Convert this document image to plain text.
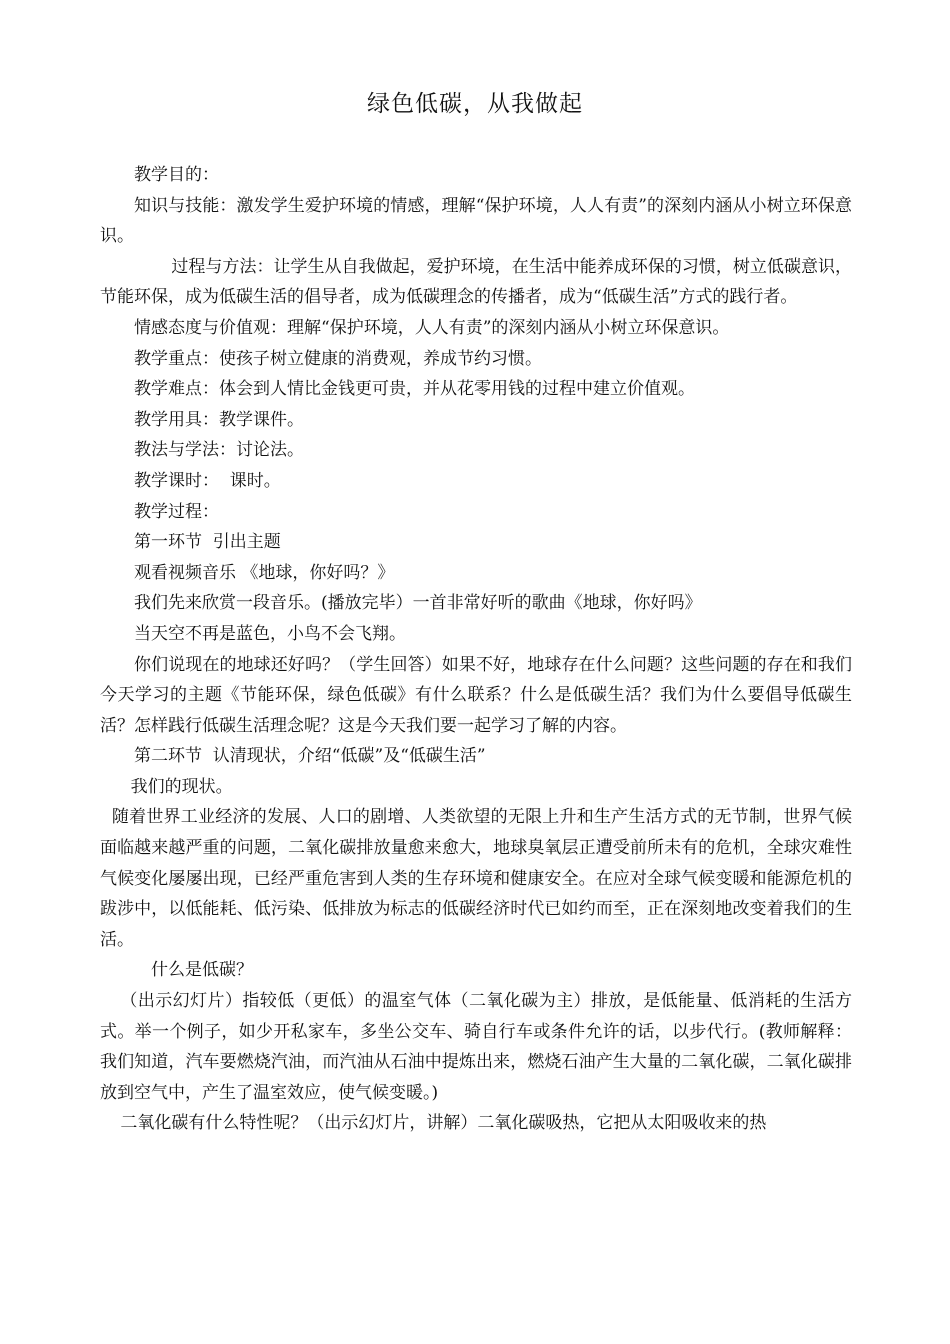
绿色低碳，从我做起

教学目的：

知识与技能：激发学生爱护环境的情感，理解“保护环境，人人有责”的深刻内涵从小树立环保意识。

过程与方法：让学生从自我做起，爱护环境，在生活中能养成环保的习惯，树立低碳意识，节能环保，成为低碳生活的倡导者，成为低碳理念的传播者，成为“低碳生活”方式的践行者。

情感态度与价值观：理解“保护环境，人人有责”的深刻内涵从小树立环保意识。

教学重点：使孩子树立健康的消费观，养成节约习惯。

教学难点：体会到人情比金钱更可贵，并从花零用钱的过程中建立价值观。

教学用具：教学课件。

教法与学法：讨论法。

教学课时：  课时。

教学过程：

第一环节  引出主题

观看视频音乐 《地球，你好吗？》

我们先来欣赏一段音乐。(播放完毕）一首非常好听的歌曲《地球，你好吗》

当天空不再是蓝色，小鸟不会飞翔。

你们说现在的地球还好吗？（学生回答）如果不好，地球存在什么问题？这些问题的存在和我们今天学习的主题《节能环保，绿色低碳》有什么联系？什么是低碳生活？我们为什么要倡导低碳生活？怎样践行低碳生活理念呢？这是今天我们要一起学习了解的内容。

第二环节  认清现状，介绍“低碳”及“低碳生活”

我们的现状。

随着世界工业经济的发展、人口的剧增、人类欲望的无限上升和生产生活方式的无节制，世界气候面临越来越严重的问题，二氧化碳排放量愈来愈大，地球臭氧层正遭受前所未有的危机，全球灾难性气候变化屡屡出现，已经严重危害到人类的生存环境和健康安全。在应对全球气候变暖和能源危机的跋涉中，以低能耗、低污染、低排放为标志的低碳经济时代已如约而至，正在深刻地改变着我们的生活。

什么是低碳？

（出示幻灯片）指较低（更低）的温室气体（二氧化碳为主）排放，是低能量、低消耗的生活方式。举一个例子，如少开私家车，多坐公交车、骑自行车或条件允许的话，以步代行。(教师解释：我们知道，汽车要燃烧汽油，而汽油从石油中提炼出来，燃烧石油产生大量的二氧化碳，二氧化碳排放到空气中，产生了温室效应，使气候变暖。)

二氧化碳有什么特性呢？（出示幻灯片，讲解）二氧化碳吸热，它把从太阳吸收来的热
